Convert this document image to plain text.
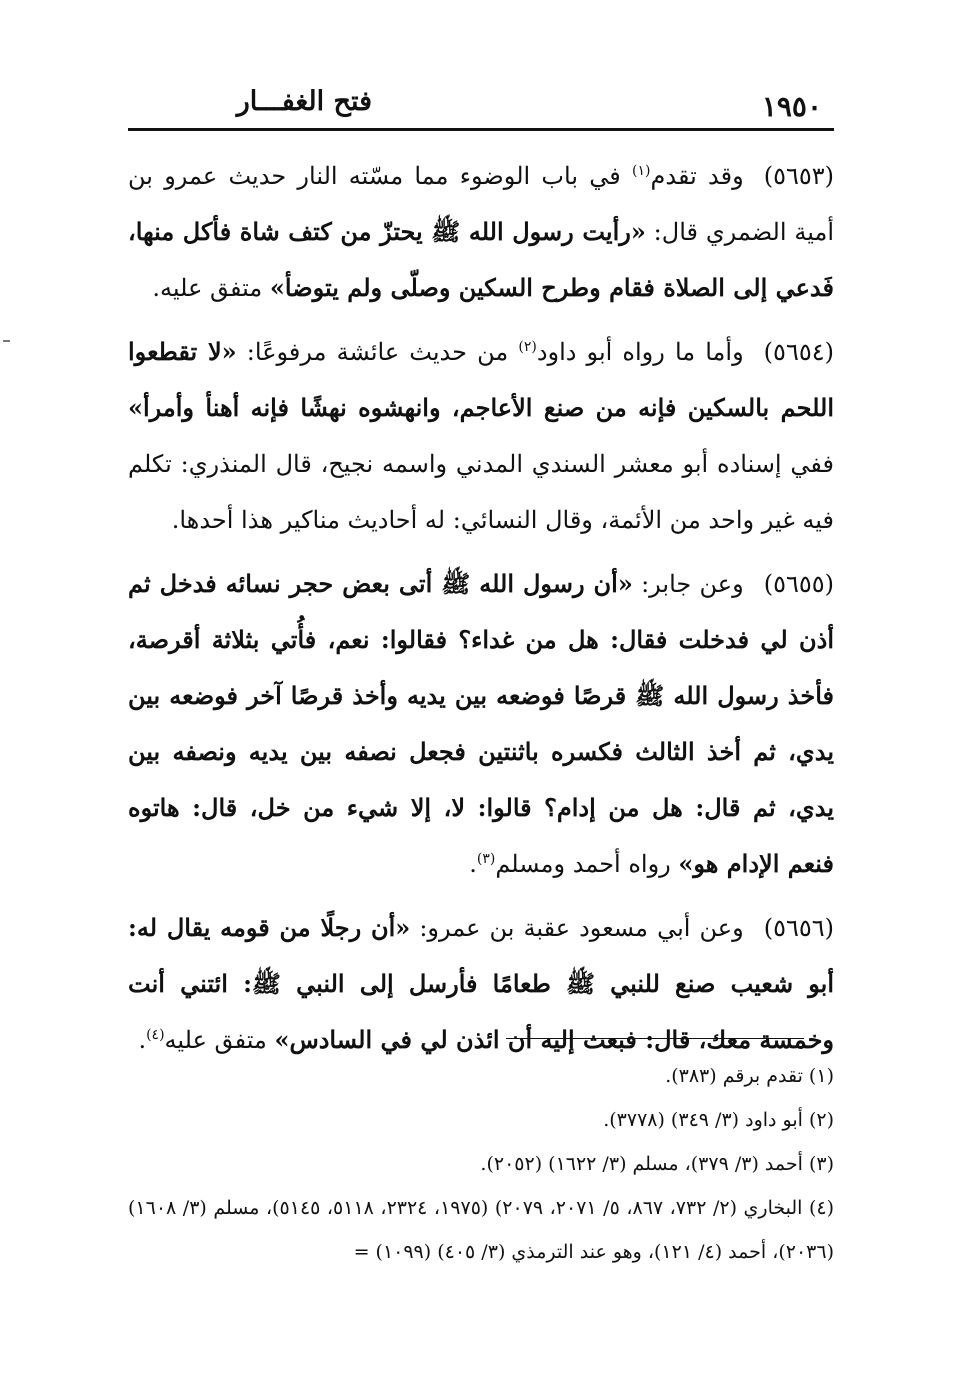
فتح الغفـــار	١٩٥٠

(٥٦٥٣)وقد تقدم$^{(١)}$ في باب الوضوء مما مسّته النار حديث عمرو بن أمية الضمري قال: «رأيت رسول الله ﷺ يحتزّ من كتف شاة فأكل منها، فَدعي إلى الصلاة فقام وطرح السكين وصلّى ولم يتوضأ» متفق عليه.

(٥٦٥٤)وأما ما رواه أبو داود$^{(٢)}$ من حديث عائشة مرفوعًا: «لا تقطعوا اللحم بالسكين فإنه من صنع الأعاجم، وانهشوه نهشًا فإنه أهنأ وأمرأ» ففي إسناده أبو معشر السندي المدني واسمه نجيح، قال المنذري: تكلم فيه غير واحد من الأئمة، وقال النسائي: له أحاديث مناكير هذا أحدها.

(٥٦٥٥)وعن جابر: «أن رسول الله ﷺ أتى بعض حجر نسائه فدخل ثم أذن لي فدخلت فقال: هل من غداء؟ فقالوا: نعم، فأُتي بثلاثة أقرصة، فأخذ رسول الله ﷺ قرصًا فوضعه بين يديه وأخذ قرصًا آخر فوضعه بين يدي، ثم أخذ الثالث فكسره باثنتين فجعل نصفه بين يديه ونصفه بين يدي، ثم قال: هل من إدام؟ قالوا: لا، إلا شيء من خل، قال: هاتوه فنعم الإدام هو» رواه أحمد ومسلم$^{(٣)}$.

(٥٦٥٦)وعن أبي مسعود عقبة بن عمرو: «أن رجلًا من قومه يقال له: أبو شعيب صنع للنبي ﷺ طعامًا فأرسل إلى النبي ﷺ: ائتني أنت وخمسة معك، قال: فبعث إليه أن ائذن لي في السادس» متفق عليه$^{(٤)}$.

(١) تقدم برقم (٣٨٣).

(٢) أبو داود (٣/ ٣٤٩) (٣٧٧٨).

(٣) أحمد (٣/ ٣٧٩)، مسلم (٣/ ١٦٢٢) (٢٠٥٢).

(٤) البخاري (٢/ ٧٣٢، ٨٦٧، ٥/ ٢٠٧١، ٢٠٧٩) (١٩٧٥، ٢٣٢٤، ٥١١٨، ٥١٤٥)، مسلم (٣/ ١٦٠٨) (٢٠٣٦)، أحمد (٤/ ١٢١)، وهو عند الترمذي (٣/ ٤٠٥) (١٠٩٩) =
